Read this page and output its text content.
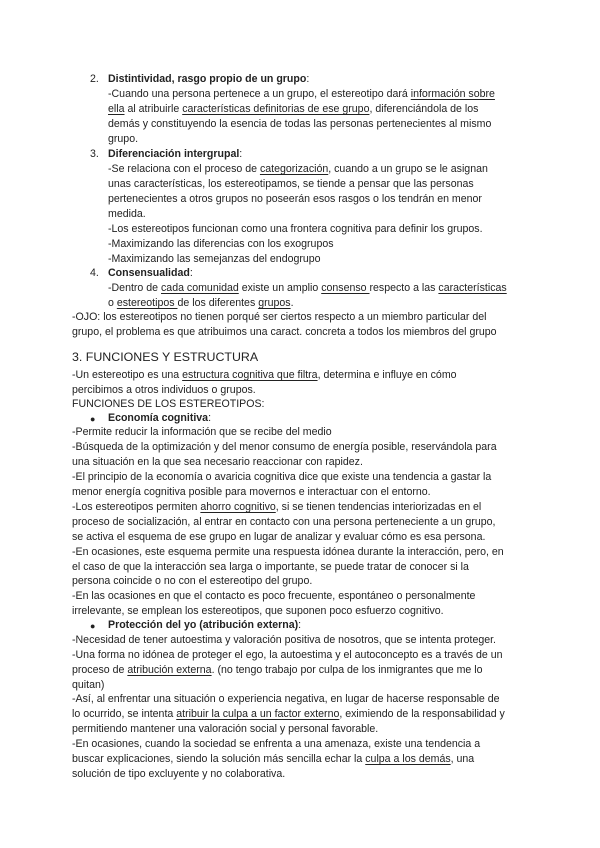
2. Distintividad, rasgo propio de un grupo:
-Cuando una persona pertenece a un grupo, el estereotipo dará información sobre
ella al atribuirle características definitorias de ese grupo, diferenciándola de los
demás y constituyendo la esencia de todas las personas pertenecientes al mismo
grupo.
3. Diferenciación intergrupal:
-Se relaciona con el proceso de categorización, cuando a un grupo se le asignan
unas características, los estereotipamos, se tiende a pensar que las personas
pertenecientes a otros grupos no poseerán esos rasgos o los tendrán en menor
medida.
-Los estereotipos funcionan como una frontera cognitiva para definir los grupos.
-Maximizando las diferencias con los exogrupos
-Maximizando las semejanzas del endogrupo
4. Consensualidad:
-Dentro de cada comunidad existe un amplio consenso respecto a las características
o estereotipos de los diferentes grupos.
-OJO: los estereotipos no tienen porqué ser ciertos respecto a un miembro particular del
grupo, el problema es que atribuimos una caract. concreta a todos los miembros del grupo
3. FUNCIONES Y ESTRUCTURA
-Un estereotipo es una estructura cognitiva que filtra, determina e influye en cómo
percibimos a otros individuos o grupos.
FUNCIONES DE LOS ESTEREOTIPOS:
● Economía cognitiva:
-Permite reducir la información que se recibe del medio
-Búsqueda de la optimización y del menor consumo de energía posible, reservándola para
una situación en la que sea necesario reaccionar con rapidez.
-El principio de la economía o avaricia cognitiva dice que existe una tendencia a gastar la
menor energía cognitiva posible para movernos e interactuar con el entorno.
-Los estereotipos permiten ahorro cognitivo, si se tienen tendencias interiorizadas en el
proceso de socialización, al entrar en contacto con una persona perteneciente a un grupo,
se activa el esquema de ese grupo en lugar de analizar y evaluar cómo es esa persona.
-En ocasiones, este esquema permite una respuesta idónea durante la interacción, pero, en
el caso de que la interacción sea larga o importante, se puede tratar de conocer si la
persona coincide o no con el estereotipo del grupo.
-En las ocasiones en que el contacto es poco frecuente, espontáneo o personalmente
irrelevante, se emplean los estereotipos, que suponen poco esfuerzo cognitivo.
● Protección del yo (atribución externa):
-Necesidad de tener autoestima y valoración positiva de nosotros, que se intenta proteger.
-Una forma no idónea de proteger el ego, la autoestima y el autoconcepto es a través de un
proceso de atribución externa. (no tengo trabajo por culpa de los inmigrantes que me lo
quitan)
-Así, al enfrentar una situación o experiencia negativa, en lugar de hacerse responsable de
lo ocurrido, se intenta atribuir la culpa a un factor externo, eximiendo de la responsabilidad y
permitiendo mantener una valoración social y personal favorable.
-En ocasiones, cuando la sociedad se enfrenta a una amenaza, existe una tendencia a
buscar explicaciones, siendo la solución más sencilla echar la culpa a los demás, una
solución de tipo excluyente y no colaborativa.
